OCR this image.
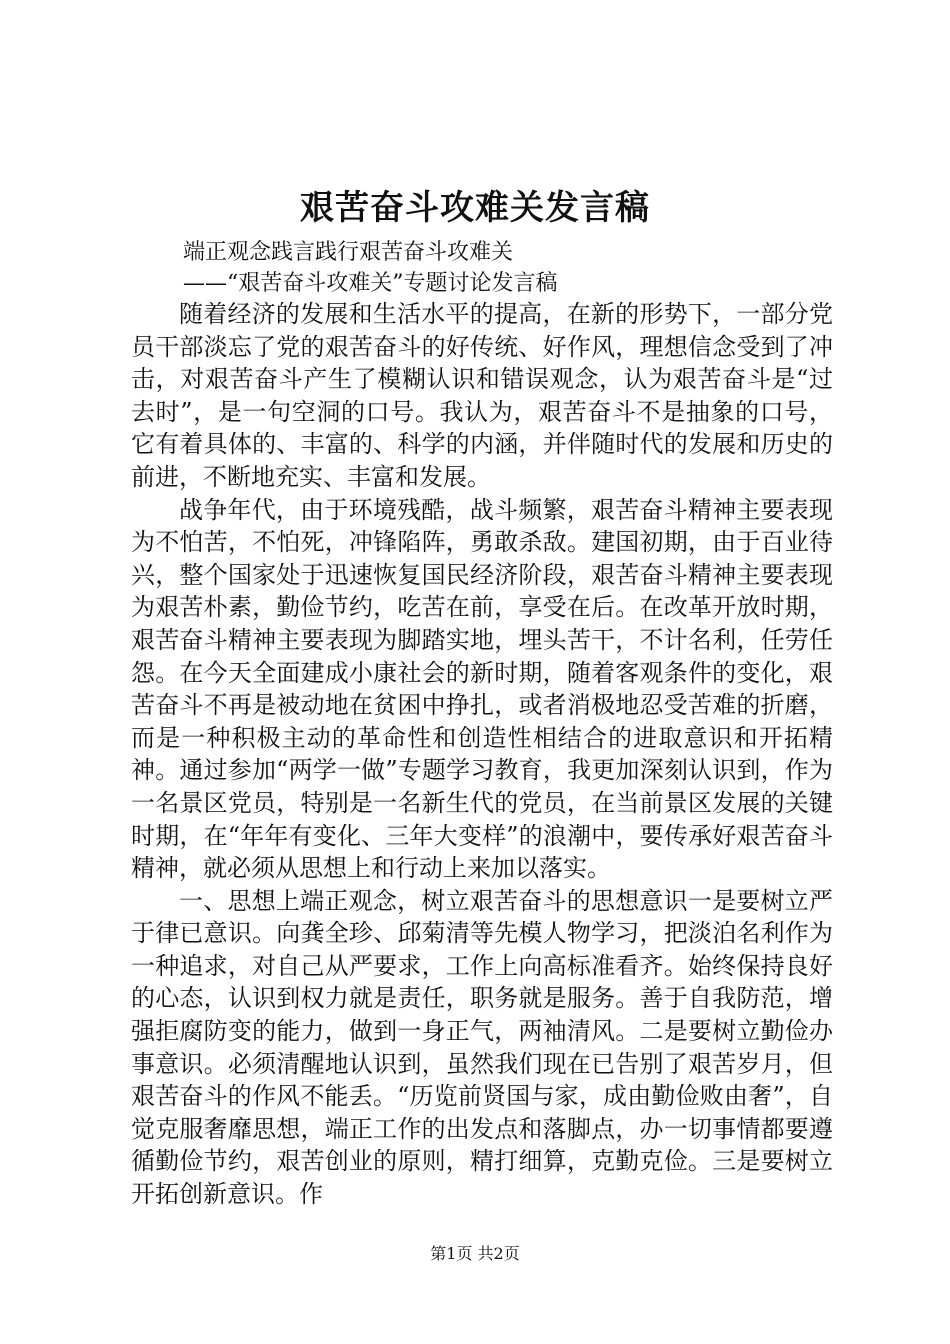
艰苦奋斗攻难关发言稿
端正观念践言践行艰苦奋斗攻难关
——“艰苦奋斗攻难关”专题讨论发言稿

随着经济的发展和生活水平的提高，在新的形势下，一部分党员干部淡忘了党的艰苦奋斗的好传统、好作风，理想信念受到了冲击，对艰苦奋斗产生了模糊认识和错误观念，认为艰苦奋斗是“过去时”，是一句空洞的口号。我认为，艰苦奋斗不是抽象的口号，它有着具体的、丰富的、科学的内涵，并伴随时代的发展和历史的前进，不断地充实、丰富和发展。

战争年代，由于环境残酷，战斗频繁，艰苦奋斗精神主要表现为不怕苦，不怕死，冲锋陷阵，勇敢杀敌。建国初期，由于百业待兴，整个国家处于迅速恢复国民经济阶段，艰苦奋斗精神主要表现为艰苦朴素，勤俭节约，吃苦在前，享受在后。在改革开放时期，艰苦奋斗精神主要表现为脚踏实地，埋头苦干，不计名利，任劳任怨。在今天全面建成小康社会的新时期，随着客观条件的变化，艰苦奋斗不再是被动地在贫困中挣扎，或者消极地忍受苦难的折磨，而是一种积极主动的革命性和创造性相结合的进取意识和开拓精神。通过参加“两学一做”专题学习教育，我更加深刻认识到，作为一名景区党员，特别是一名新生代的党员，在当前景区发展的关键时期，在“年年有变化、三年大变样”的浪潮中，要传承好艰苦奋斗精神，就必须从思想上和行动上来加以落实。

一、思想上端正观念，树立艰苦奋斗的思想意识一是要树立严于律已意识。向龚全珍、邱菊清等先模人物学习，把淡泊名利作为一种追求，对自己从严要求，工作上向高标准看齐。始终保持良好的心态，认识到权力就是责任，职务就是服务。善于自我防范，增强拒腐防变的能力，做到一身正气，两袖清风。二是要树立勤俭办事意识。必须清醒地认识到，虽然我们现在已告别了艰苦岁月，但艰苦奋斗的作风不能丢。“历览前贤国与家，成由勤俭败由奢”，自觉克服奢靡思想，端正工作的出发点和落脚点，办一切事情都要遵循勤俭节约，艰苦创业的原则，精打细算，克勤克俭。三是要树立开拓创新意识。作

第1页 共2页
